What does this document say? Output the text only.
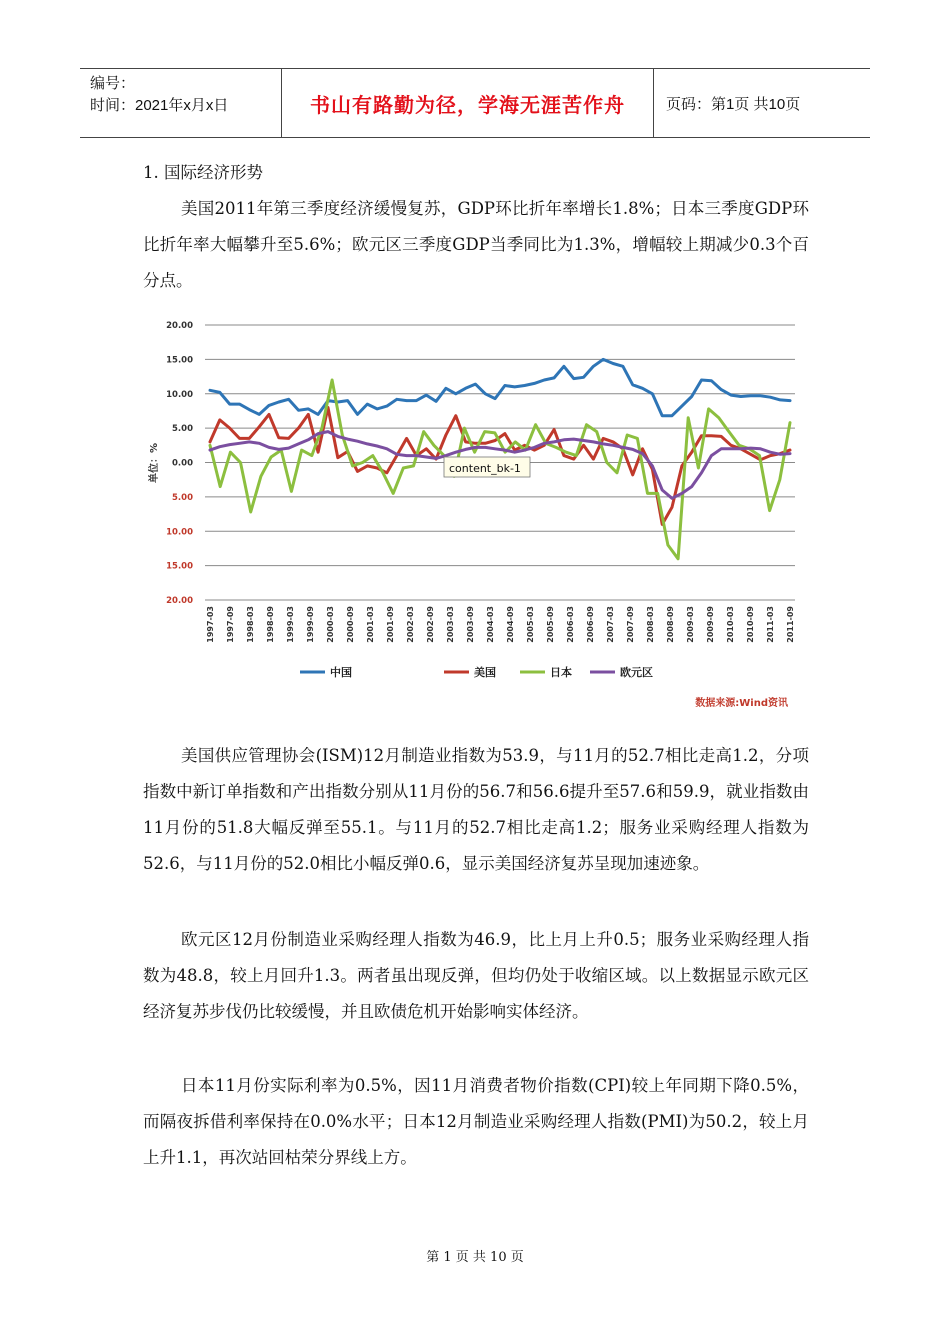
编号：
时间：2021年x月x日	书山有路勤为径，学海无涯苦作舟	页码：第1页 共10页

1. 国际经济形势

美国2011年第三季度经济缓慢复苏，GDP环比折年率增长1.8%；日本三季度GDP环比折年率大幅攀升至5.6%；欧元区三季度GDP当季同比为1.3%，增幅较上期减少0.3个百分点。

20.00
15.00
10.00
5.00
0.00
5.00
10.00
15.00
20.00
1997-03 1997-09 1998-03 1998-09 1999-03 1999-09 2000-03 2000-09 2001-03 2001-09 2002-03 2002-09 2003-03 2003-09 2004-03 2004-09 2005-03 2005-09 2006-03 2006-09 2007-03 2007-09 2008-03 2008-09 2009-03 2009-09 2010-03 2010-09 2011-03 2011-09
单位：%	content_bk-1
中国	美国	日本	欧元区
数据来源:Wind资讯

美国供应管理协会(ISM)12月制造业指数为53.9，与11月的52.7相比走高1.2，分项指数中新订单指数和产出指数分别从11月份的56.7和56.6提升至57.6和59.9，就业指数由11月份的51.8大幅反弹至55.1。与11月的52.7相比走高1.2；服务业采购经理人指数为52.6，与11月份的52.0相比小幅反弹0.6，显示美国经济复苏呈现加速迹象。

欧元区12月份制造业采购经理人指数为46.9，比上月上升0.5；服务业采购经理人指数为48.8，较上月回升1.3。两者虽出现反弹，但均仍处于收缩区域。以上数据显示欧元区经济复苏步伐仍比较缓慢，并且欧债危机开始影响实体经济。

日本11月份实际利率为0.5%，因11月消费者物价指数(CPI)较上年同期下降0.5%，而隔夜拆借利率保持在0.0%水平；日本12月制造业采购经理人指数(PMI)为50.2，较上月上升1.1，再次站回枯荣分界线上方。

第 1 页 共 10 页
